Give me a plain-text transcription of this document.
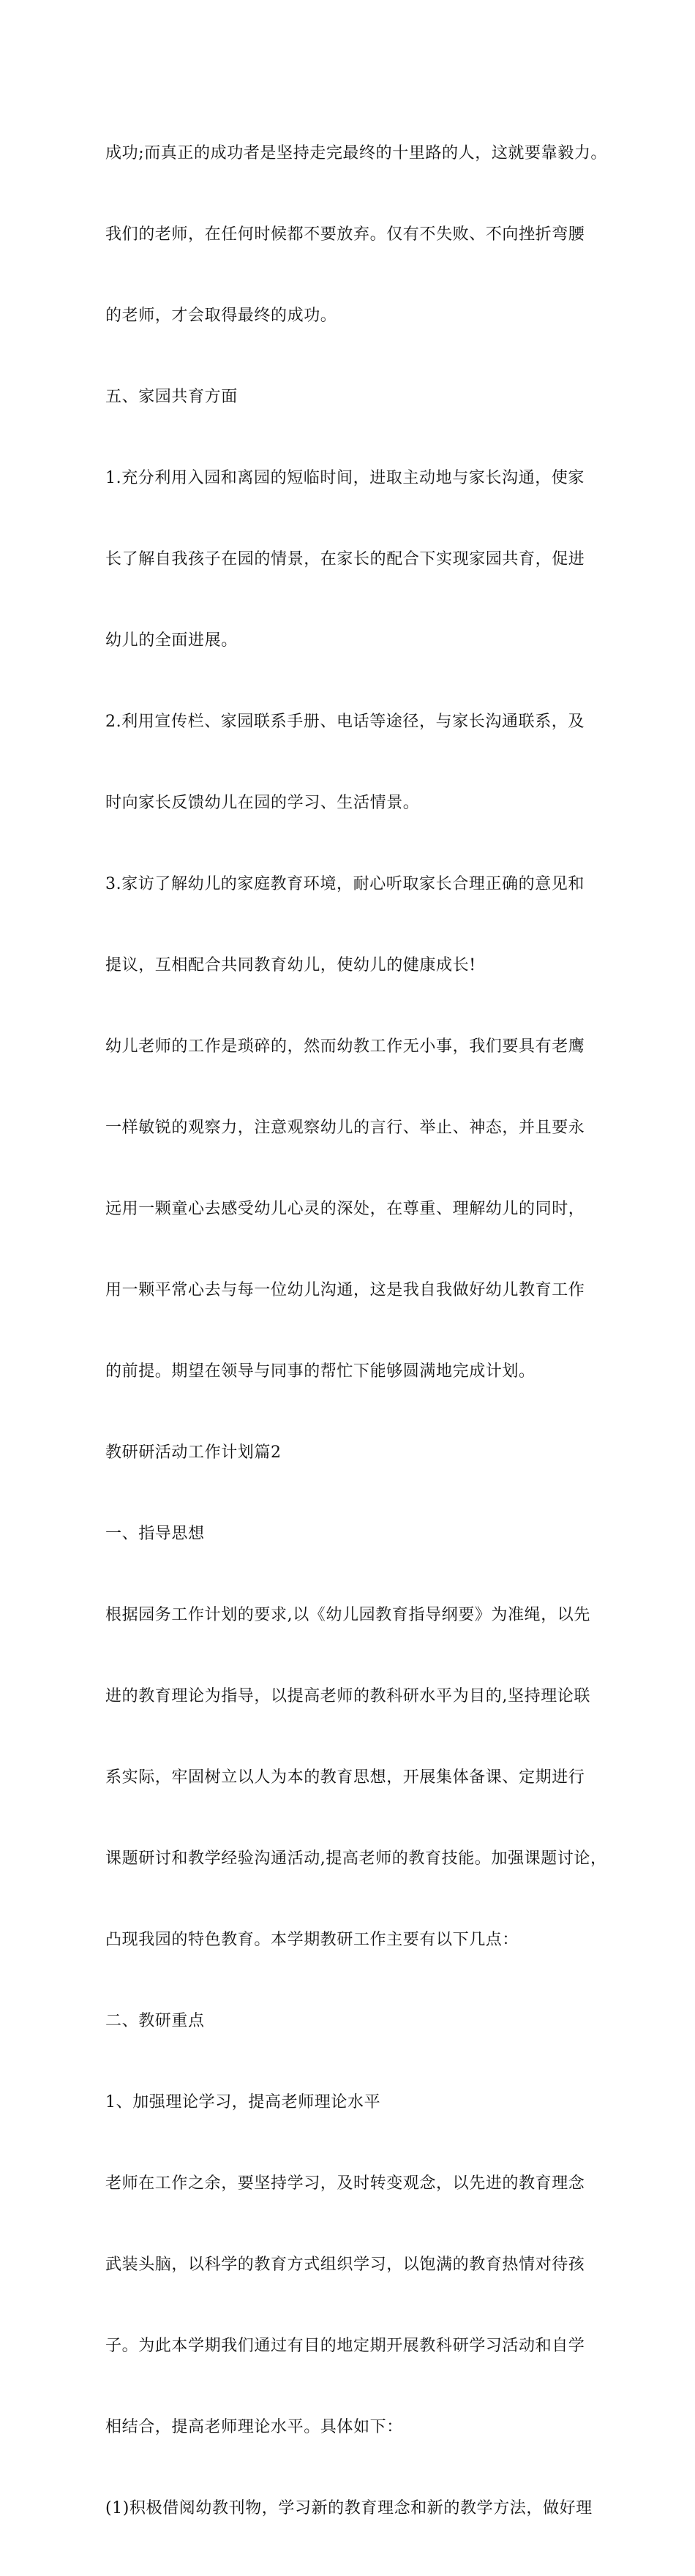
成功;而真正的成功者是坚持走完最终的十里路的人，这就要靠毅力。

我们的老师，在任何时候都不要放弃。仅有不失败、不向挫折弯腰

的老师，才会取得最终的成功。

五、家园共育方面

1.充分利用入园和离园的短临时间，进取主动地与家长沟通，使家

长了解自我孩子在园的情景，在家长的配合下实现家园共育，促进

幼儿的全面进展。

2.利用宣传栏、家园联系手册、电话等途径，与家长沟通联系，及

时向家长反馈幼儿在园的学习、生活情景。

3.家访了解幼儿的家庭教育环境，耐心听取家长合理正确的意见和

提议，互相配合共同教育幼儿，使幼儿的健康成长!

幼儿老师的工作是琐碎的，然而幼教工作无小事，我们要具有老鹰

一样敏锐的观察力，注意观察幼儿的言行、举止、神态，并且要永

远用一颗童心去感受幼儿心灵的深处，在尊重、理解幼儿的同时，

用一颗平常心去与每一位幼儿沟通，这是我自我做好幼儿教育工作

的前提。期望在领导与同事的帮忙下能够圆满地完成计划。

教研研活动工作计划篇2

一、指导思想

根据园务工作计划的要求,以《幼儿园教育指导纲要》为准绳，以先

进的教育理论为指导，以提高老师的教科研水平为目的,坚持理论联

系实际，牢固树立以人为本的教育思想，开展集体备课、定期进行

课题研讨和教学经验沟通活动,提高老师的教育技能。加强课题讨论，

凸现我园的特色教育。本学期教研工作主要有以下几点：

二、教研重点

1、加强理论学习，提高老师理论水平

老师在工作之余，要坚持学习，及时转变观念，以先进的教育理念

武装头脑，以科学的教育方式组织学习，以饱满的教育热情对待孩

子。为此本学期我们通过有目的地定期开展教科研学习活动和自学

相结合，提高老师理论水平。具体如下：

(1)积极借阅幼教刊物，学习新的教育理念和新的教学方法，做好理
